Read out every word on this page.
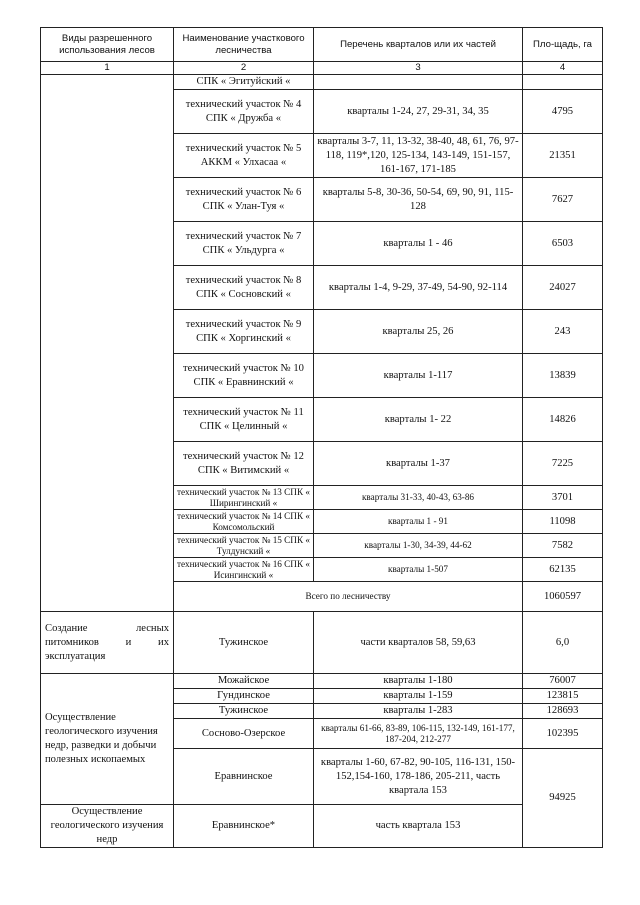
Виды разрешенного использования лесов	Наименование участкового лесничества	Перечень кварталов или их частей	Пло-щадь, га
1	2	3	4
	СПК « Эгитуйский «		
	технический участок № 4 СПК « Дружба «	кварталы 1-24, 27, 29-31, 34, 35	4795
	технический участок № 5 АККМ « Улхасаа «	кварталы 3-7, 11, 13-32, 38-40, 48, 61, 76, 97- 118, 119*,120, 125-134, 143-149, 151-157, 161-167, 171-185	21351
	технический участок № 6 СПК « Улан-Туя «	кварталы 5-8, 30-36, 50-54, 69, 90, 91, 115-128	7627
	технический участок № 7 СПК « Ульдурга «	кварталы 1 - 46	6503
	технический участок № 8 СПК « Сосновский «	кварталы 1-4, 9-29, 37-49, 54-90, 92-114	24027
	технический участок № 9 СПК « Хоргинский «	кварталы 25, 26	243
	технический участок № 10 СПК « Еравнинский «	кварталы 1-117	13839
	технический участок № 11 СПК « Целинный «	кварталы 1- 22	14826
	технический участок № 12 СПК « Витимский «	кварталы 1-37	7225
	технический участок № 13 СПК « Ширингинский «	кварталы 31-33, 40-43, 63-86	3701
	технический участок № 14 СПК « Комсомольский	кварталы 1 - 91	11098
	технический участок № 15 СПК « Тулдунский «	кварталы 1-30, 34-39, 44-62	7582
	технический участок № 16 СПК « Исингинский «	кварталы 1-507	62135
	Всего по лесничеству		1060597
Создание лесных питомников и их эксплуатация	Тужинское	части кварталов 58, 59,63	6,0
Осуществление геологического изучения недр, разведки и добычи полезных ископаемых	Можайское	кварталы 1-180	76007
	Гундинское	кварталы 1-159	123815
	Тужинское	кварталы 1-283	128693
	Сосново-Озерское	кварталы 61-66, 83-89, 106-115, 132-149, 161-177, 187-204, 212-277	102395
	Еравнинское	кварталы 1-60, 67-82, 90-105, 116-131, 150-152,154-160, 178-186, 205-211, часть квартала 153	94925
Осуществление геологического изучения недр	Еравнинское*	часть квартала 153	
